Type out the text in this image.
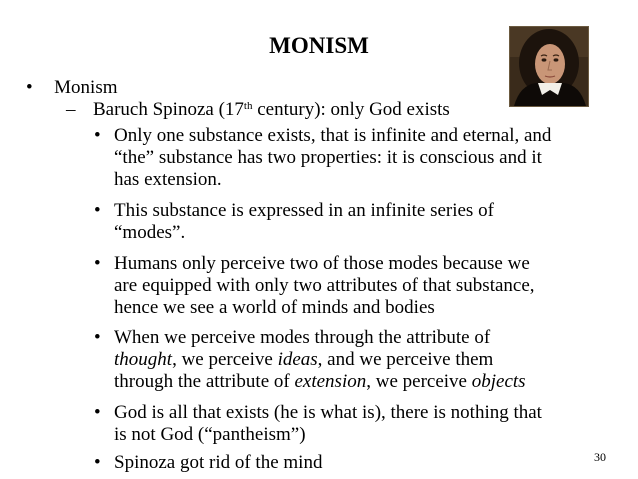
MONISM
• Monism
– Baruch Spinoza (17th century): only God exists
• Only one substance exists, that is infinite and eternal, and
“the” substance has two properties: it is conscious and it
has extension.
• This substance is expressed in an infinite series of
“modes”.
• Humans only perceive two of those modes because we
are equipped with only two attributes of that substance,
hence we see a world of minds and bodies
• When we perceive modes through the attribute of
thought, we perceive ideas, and we perceive them
through the attribute of extension, we perceive objects
• God is all that exists (he is what is), there is nothing that
is not God (“pantheism”)
• Spinoza got rid of the mind	30
